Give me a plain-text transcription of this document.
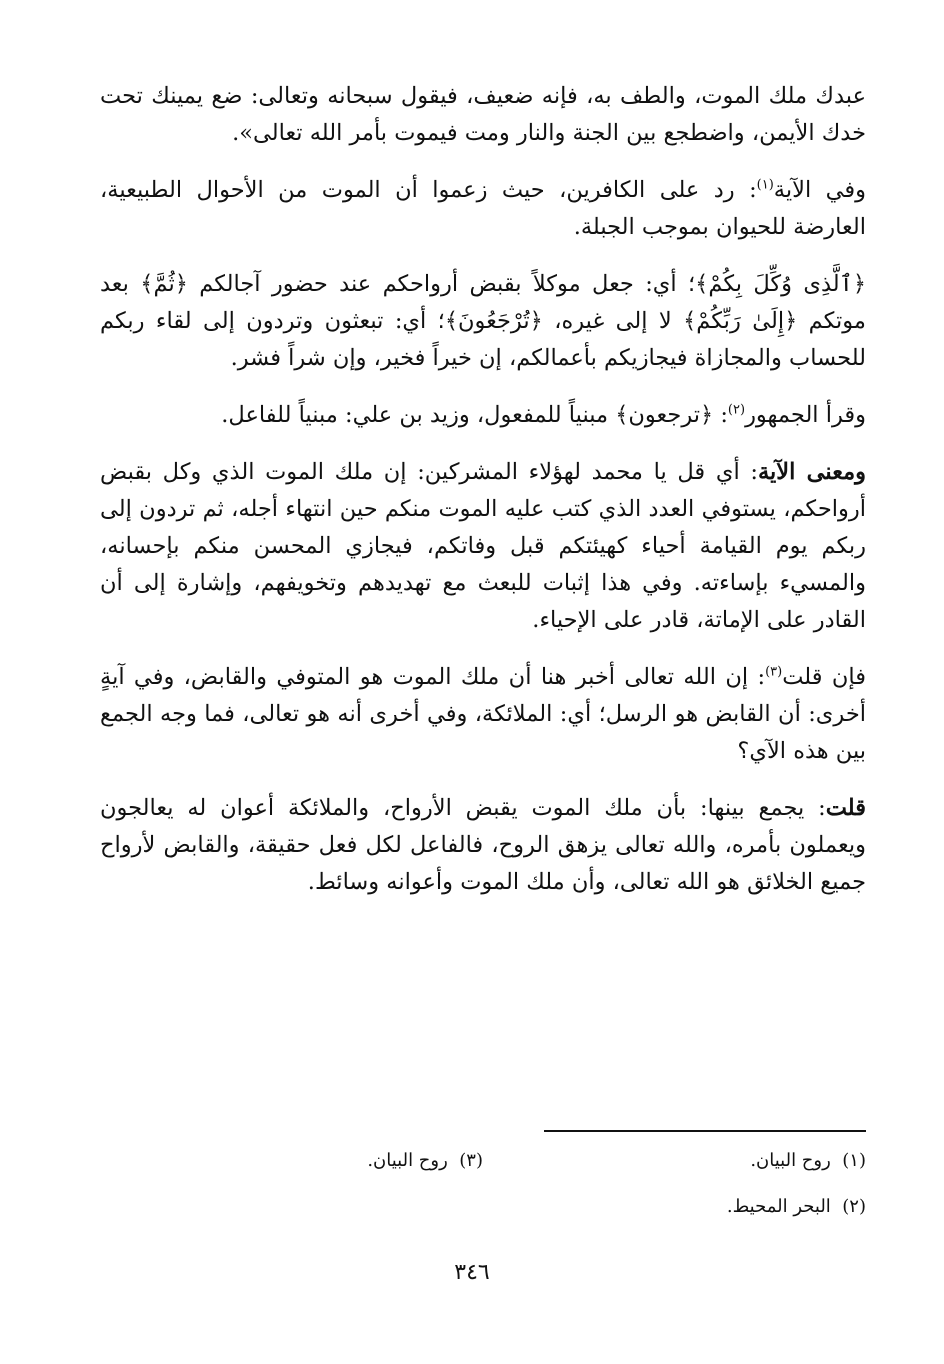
عبدك ملك الموت، والطف به، فإنه ضعيف، فيقول سبحانه وتعالى: ضع يمينك تحت خدك الأيمن، واضطجع بين الجنة والنار ومت فيموت بأمر الله تعالى».

وفي الآية$^{(١)}$: رد على الكافرين، حيث زعموا أن الموت من الأحوال الطبيعية، العارضة للحيوان بموجب الجبلة.

﴿ٱلَّذِى وُكِّلَ بِكُمْ﴾؛ أي: جعل موكلاً بقبض أرواحكم عند حضور آجالكم ﴿ثُمَّ﴾ بعد موتكم ﴿إِلَىٰ رَبِّكُمْ﴾ لا إلى غيره، ﴿تُرْجَعُونَ﴾؛ أي: تبعثون وتردون إلى لقاء ربكم للحساب والمجازاة فيجازيكم بأعمالكم، إن خيراً فخير، وإن شراً فشر.

وقرأ الجمهور$^{(٢)}$: ﴿ترجعون﴾ مبنياً للمفعول، وزيد بن علي: مبنياً للفاعل.

ومعنى الآية: أي قل يا محمد لهؤلاء المشركين: إن ملك الموت الذي وكل بقبض أرواحكم، يستوفي العدد الذي كتب عليه الموت منكم حين انتهاء أجله، ثم تردون إلى ربكم يوم القيامة أحياء كهيئتكم قبل وفاتكم، فيجازي المحسن منكم بإحسانه، والمسيء بإساءته. وفي هذا إثبات للبعث مع تهديدهم وتخويفهم، وإشارة إلى أن القادر على الإماتة، قادر على الإحياء.

فإن قلت$^{(٣)}$: إن الله تعالى أخبر هنا أن ملك الموت هو المتوفي والقابض، وفي آيةٍ أخرى: أن القابض هو الرسل؛ أي: الملائكة، وفي أخرى أنه هو تعالى، فما وجه الجمع بين هذه الآي؟

قلت: يجمع بينها: بأن ملك الموت يقبض الأرواح، والملائكة أعوان له يعالجون ويعملون بأمره، والله تعالى يزهق الروح، فالفاعل لكل فعل حقيقة، والقابض لأرواح جميع الخلائق هو الله تعالى، وأن ملك الموت وأعوانه وسائط.

(١)  روح البيان.
(٣)  روح البيان.
(٢)  البحر المحيط.
٣٤٦
